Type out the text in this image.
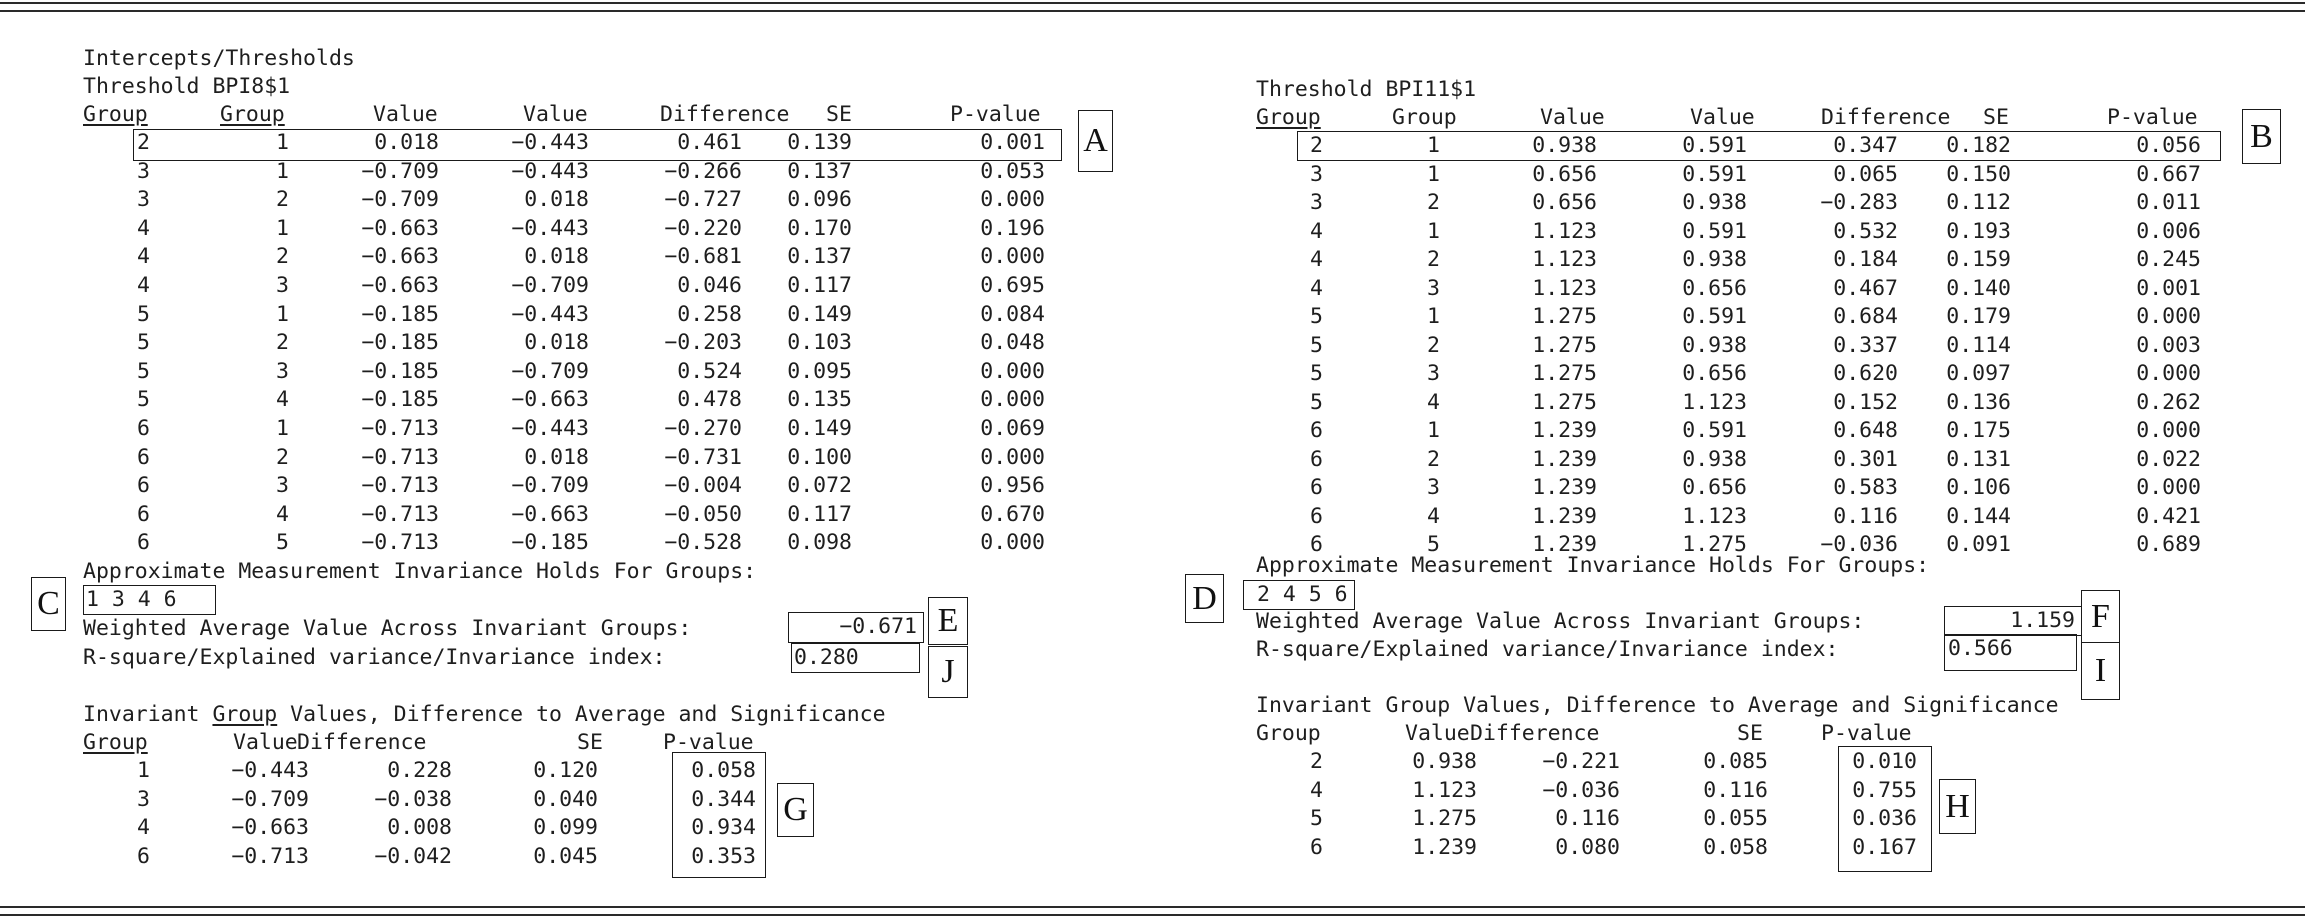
Intercepts/Thresholds
Threshold BPI8$1
Group	Group	Value	Value	Difference SE	P-value
2	1	0.018	−0.443	0.461 0.139	0.001
3	1	−0.709	−0.443	−0.266 0.137	0.053
3	2	−0.709	0.018	−0.727 0.096	0.000
4	1	−0.663	−0.443	−0.220 0.170	0.196
4	2	−0.663	0.018	−0.681 0.137	0.000
4	3	−0.663	−0.709	0.046 0.117	0.695
5	1	−0.185	−0.443	0.258 0.149	0.084
5	2	−0.185	0.018	−0.203 0.103	0.048
5	3	−0.185	−0.709	0.524 0.095	0.000
5	4	−0.185	−0.663	0.478 0.135	0.000
6	1	−0.713	−0.443	−0.270 0.149	0.069
6	2	−0.713	0.018	−0.731 0.100	0.000
6	3	−0.713	−0.709	−0.004 0.072	0.956
6	4	−0.713	−0.663	−0.050 0.117	0.670
6	5	−0.713	−0.185	−0.528 0.098	0.000
A
Approximate Measurement Invariance Holds For Groups:
C 1 3 4 6
Weighted Average Value Across Invariant Groups:	−0.671 E
R-square/Explained variance/Invariance index:	0.280	J
Invariant Group Values, Difference to Average and Significance
Group	Value Difference	SE	P-value
1	−0.443	0.228	0.120	0.058
3	−0.709	−0.038	0.040	0.344
4	−0.663	0.008	0.099	0.934
6	−0.713	−0.042	0.045	0.353
G
Threshold BPI11$1
Group	Group	Value	Value	Difference SE	P-value
2	1	0.938	0.591	0.347 0.182	0.056
3	1	0.656	0.591	0.065 0.150	0.667
3	2	0.656	0.938	−0.283 0.112	0.011
4	1	1.123	0.591	0.532 0.193	0.006
4	2	1.123	0.938	0.184 0.159	0.245
4	3	1.123	0.656	0.467 0.140	0.001
5	1	1.275	0.591	0.684 0.179	0.000
5	2	1.275	0.938	0.337 0.114	0.003
5	3	1.275	0.656	0.620 0.097	0.000
5	4	1.275	1.123	0.152 0.136	0.262
6	1	1.239	0.591	0.648 0.175	0.000
6	2	1.239	0.938	0.301 0.131	0.022
6	3	1.239	0.656	0.583 0.106	0.000
6	4	1.239	1.123	0.116 0.144	0.421
6	5	1.239	1.275	−0.036 0.091	0.689
B
Approximate Measurement Invariance Holds For Groups:
D	2 4 5 6
Weighted Average Value Across Invariant Groups:	1.159 F
R-square/Explained variance/Invariance index:	0.566
I
Invariant Group Values, Difference to Average and Significance
Group	Value Difference	SE	P-value
2	0.938	−0.221	0.085	0.010
4	1.123	−0.036	0.116	0.755
5	1.275	0.116	0.055	0.036
6	1.239	0.080	0.058	0.167
H
